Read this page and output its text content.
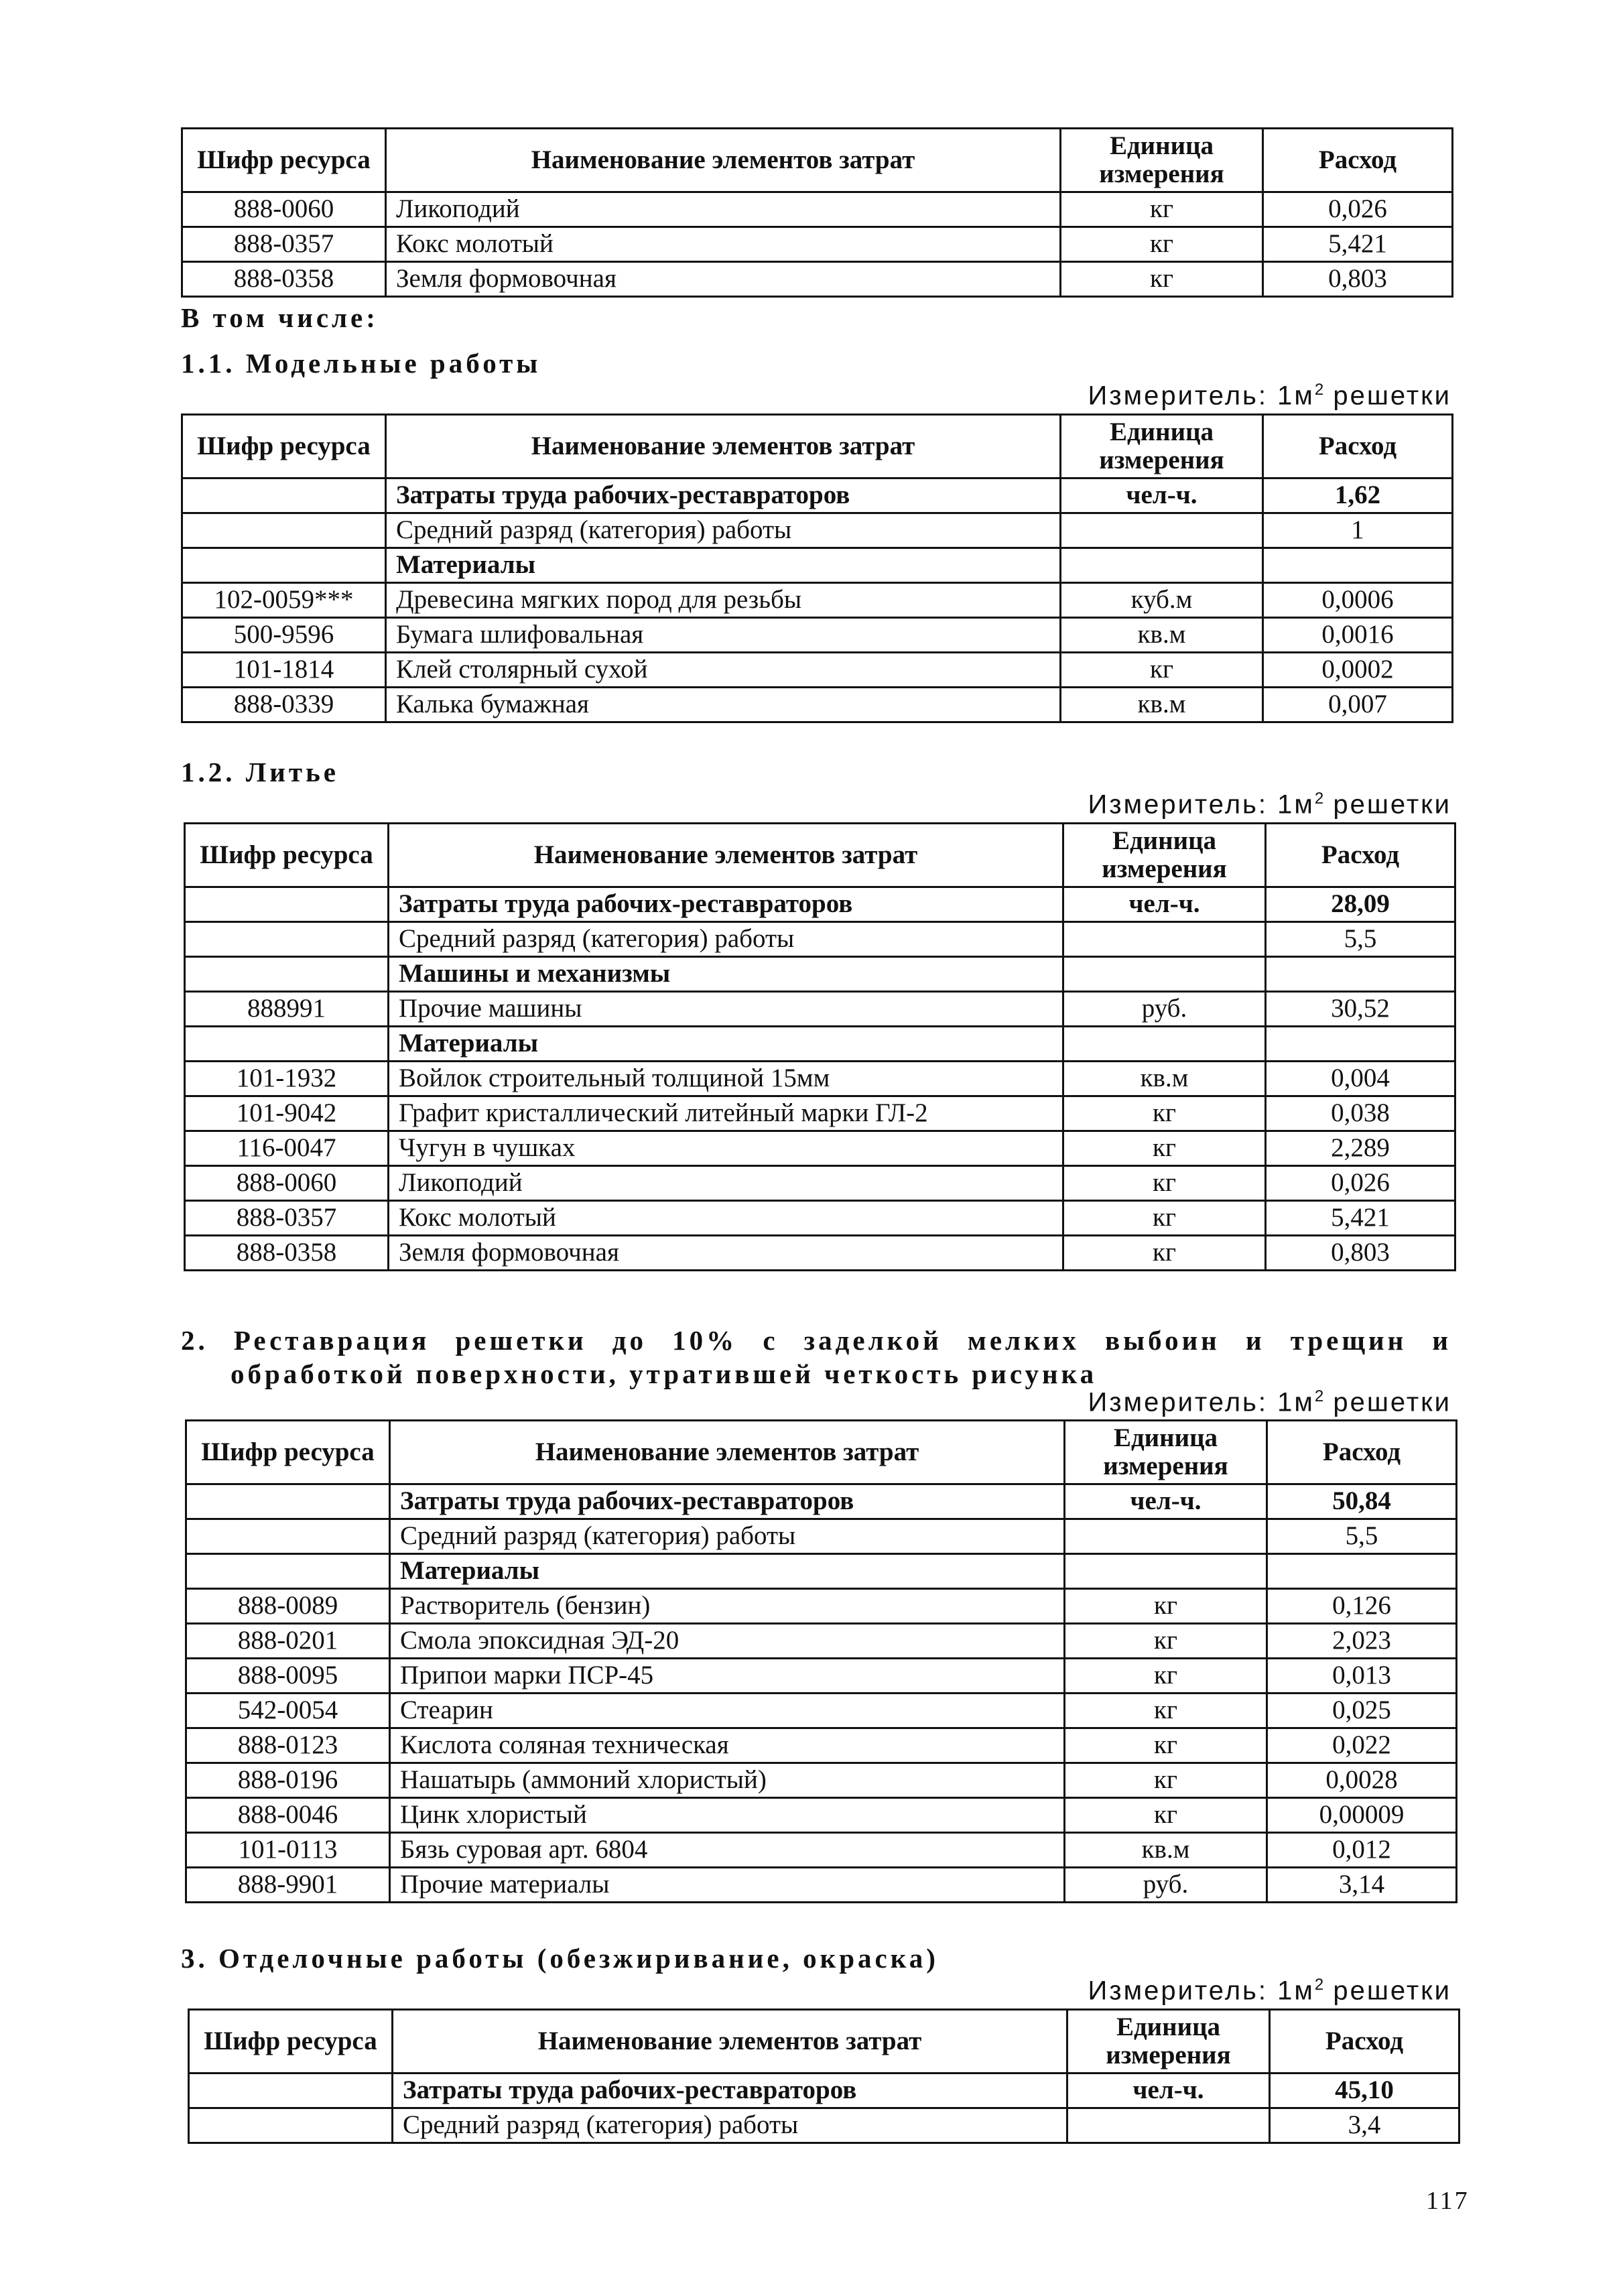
Шифр ресурса	Наименование элементов затрат	Единица измерения	Расход
888-0060	Ликоподий	кг	0,026
888-0357	Кокс молотый	кг	5,421
888-0358	Земля формовочная	кг	0,803
В том числе:
1.1. Модельные работы
Измеритель: $1м^2$ решетки
Шифр ресурса	Наименование элементов затрат	Единица измерения	Расход
	Затраты труда рабочих-реставраторов	чел-ч.	1,62
	Средний разряд (категория) работы		1
	Материалы		
102-0059***	Древесина мягких пород для резьбы	куб.м	0,0006
500-9596	Бумага шлифовальная	кв.м	0,0016
101-1814	Клей столярный сухой	кг	0,0002
888-0339	Калька бумажная	кв.м	0,007
1.2. Литье
Измеритель: $1м^2$ решетки
Шифр ресурса	Наименование элементов затрат	Единица измерения	Расход
	Затраты труда рабочих-реставраторов	чел-ч.	28,09
	Средний разряд (категория) работы		5,5
	Машины и механизмы		
888991	Прочие машины	руб.	30,52
	Материалы		
101-1932	Войлок строительный толщиной 15мм	кв.м	0,004
101-9042	Графит кристаллический литейный марки ГЛ-2	кг	0,038
116-0047	Чугун в чушках	кг	2,289
888-0060	Ликоподий	кг	0,026
888-0357	Кокс молотый	кг	5,421
888-0358	Земля формовочная	кг	0,803
2. Реставрация решетки до 10% с заделкой мелких выбоин и трещин и
обработкой поверхности, утратившей четкость рисунка
Измеритель: $1м^2$ решетки
Шифр ресурса	Наименование элементов затрат	Единица измерения	Расход
	Затраты труда рабочих-реставраторов	чел-ч.	50,84
	Средний разряд (категория) работы		5,5
	Материалы		
888-0089	Растворитель (бензин)	кг	0,126
888-0201	Смола эпоксидная ЭД-20	кг	2,023
888-0095	Припои марки ПСР-45	кг	0,013
542-0054	Стеарин	кг	0,025
888-0123	Кислота соляная техническая	кг	0,022
888-0196	Нашатырь (аммоний хлористый)	кг	0,0028
888-0046	Цинк хлористый	кг	0,00009
101-0113	Бязь суровая арт. 6804	кв.м	0,012
888-9901	Прочие материалы	руб.	3,14
3. Отделочные работы (обезжиривание, окраска)
Измеритель: $1м^2$ решетки
Шифр ресурса	Наименование элементов затрат	Единица измерения	Расход
	Затраты труда рабочих-реставраторов	чел-ч.	45,10
	Средний разряд (категория) работы		3,4
117
